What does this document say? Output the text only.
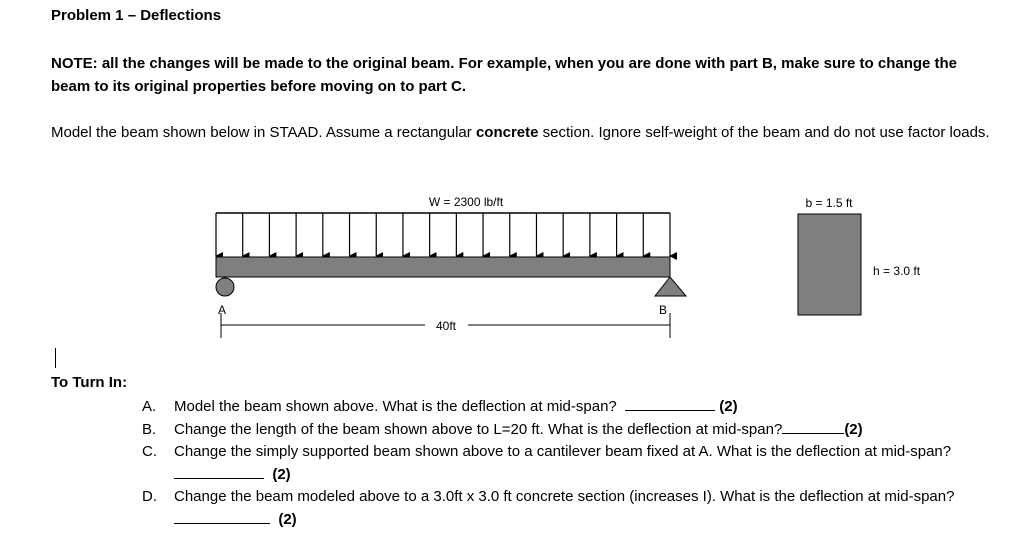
Problem 1 – Deflections
NOTE: all the changes will be made to the original beam. For example, when you are done with part B, make sure to change the beam to its original properties before moving on to part C.
Model the beam shown below in STAAD. Assume a rectangular concrete section. Ignore self-weight of the beam and do not use factor loads.
W = 2300 lb/ft
A	B
40ft
b = 1.5 ft
h = 3.0 ft
To Turn In:
A.	Model the beam shown above. What is the deflection at mid-span?	(2)
B.	Change the length of the beam shown above to L=20 ft. What is the deflection at mid-span?	(2)
C.	Change the simply supported beam shown above to a cantilever beam fixed at A. What is the deflection at mid-span?   (2)
D.	Change the beam modeled above to a 3.0ft x 3.0 ft concrete section (increases I). What is the deflection at mid-span?   (2)
